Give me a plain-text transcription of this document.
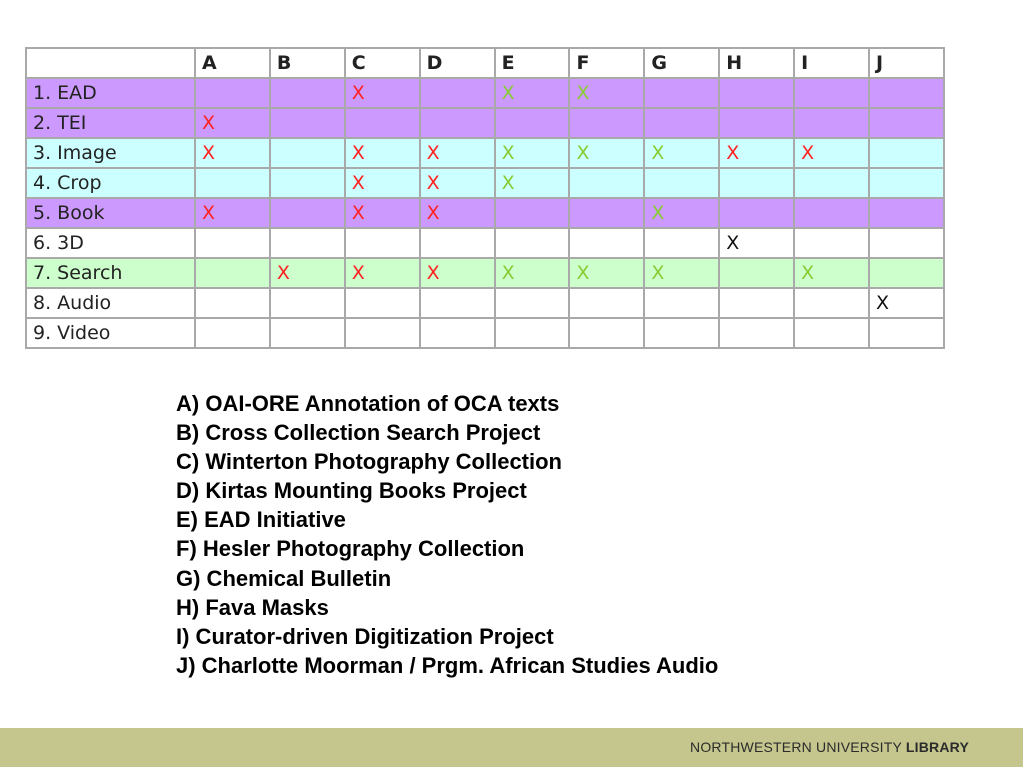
	A	B	C	D	E	F	G	H	I	J
1. EAD			X		X	X				
2. TEI	X									
3. Image	X		X	X	X	X	X	X	X	
4. Crop			X	X	X					
5. Book	X		X	X			X			
6. 3D								X		
7. Search		X	X	X	X	X	X		X	
8. Audio										X
9. Video										
A) OAI-ORE Annotation of OCA texts
B) Cross Collection Search Project
C) Winterton Photography Collection
D) Kirtas Mounting Books Project
E) EAD Initiative
F) Hesler Photography Collection
G) Chemical Bulletin
H) Fava Masks
I) Curator-driven Digitization Project
J) Charlotte Moorman / Prgm. African Studies Audio
NORTHWESTERN UNIVERSITY LIBRARY
